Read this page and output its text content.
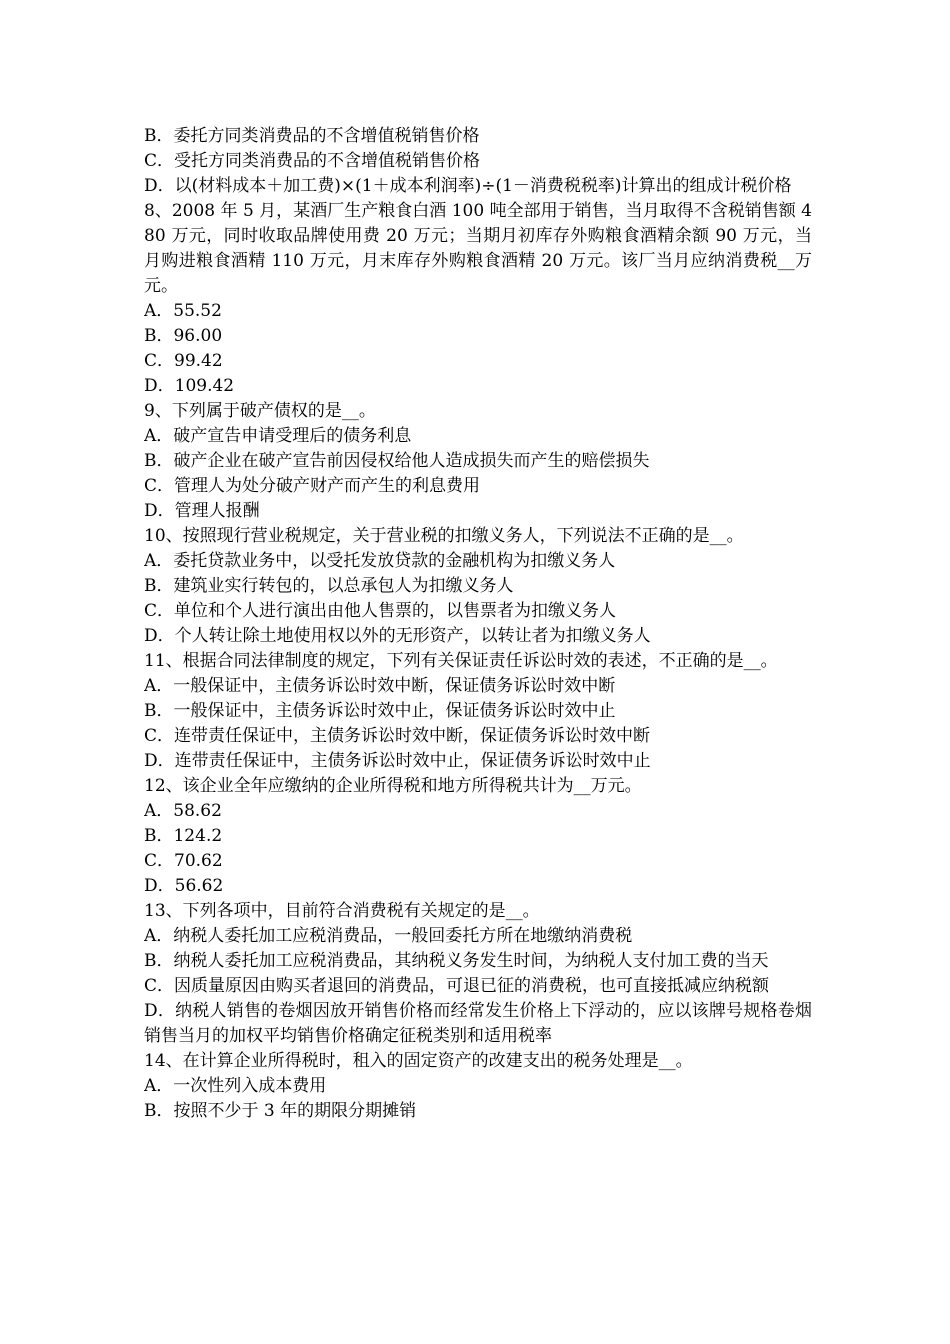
B．委托方同类消费品的不含增值税销售价格
C．受托方同类消费品的不含增值税销售价格
D．以(材料成本＋加工费)×(1＋成本利润率)÷(1－消费税税率)计算出的组成计税价格
8、2008 年 5 月，某酒厂生产粮食白酒 100 吨全部用于销售，当月取得不含税销售额 480 万元，同时收取品牌使用费 20 万元；当期月初库存外购粮食酒精余额 90 万元，当月购进粮食酒精 110 万元，月末库存外购粮食酒精 20 万元。该厂当月应纳消费税__万元。
A．55.52
B．96.00
C．99.42
D．109.42
9、下列属于破产债权的是__。
A．破产宣告申请受理后的债务利息
B．破产企业在破产宣告前因侵权给他人造成损失而产生的赔偿损失
C．管理人为处分破产财产而产生的利息费用
D．管理人报酬
10、按照现行营业税规定，关于营业税的扣缴义务人，下列说法不正确的是__。
A．委托贷款业务中，以受托发放贷款的金融机构为扣缴义务人
B．建筑业实行转包的，以总承包人为扣缴义务人
C．单位和个人进行演出由他人售票的，以售票者为扣缴义务人
D．个人转让除土地使用权以外的无形资产，以转让者为扣缴义务人
11、根据合同法律制度的规定，下列有关保证责任诉讼时效的表述，不正确的是__。
A．一般保证中，主债务诉讼时效中断，保证债务诉讼时效中断
B．一般保证中，主债务诉讼时效中止，保证债务诉讼时效中止
C．连带责任保证中，主债务诉讼时效中断，保证债务诉讼时效中断
D．连带责任保证中，主债务诉讼时效中止，保证债务诉讼时效中止
12、该企业全年应缴纳的企业所得税和地方所得税共计为__万元。
A．58.62
B．124.2
C．70.62
D．56.62
13、下列各项中，目前符合消费税有关规定的是__。
A．纳税人委托加工应税消费品，一般回委托方所在地缴纳消费税
B．纳税人委托加工应税消费品，其纳税义务发生时间，为纳税人支付加工费的当天
C．因质量原因由购买者退回的消费品，可退已征的消费税，也可直接抵减应纳税额
D．纳税人销售的卷烟因放开销售价格而经常发生价格上下浮动的，应以该牌号规格卷烟销售当月的加权平均销售价格确定征税类别和适用税率
14、在计算企业所得税时，租入的固定资产的改建支出的税务处理是__。
A．一次性列入成本费用
B．按照不少于 3 年的期限分期摊销
